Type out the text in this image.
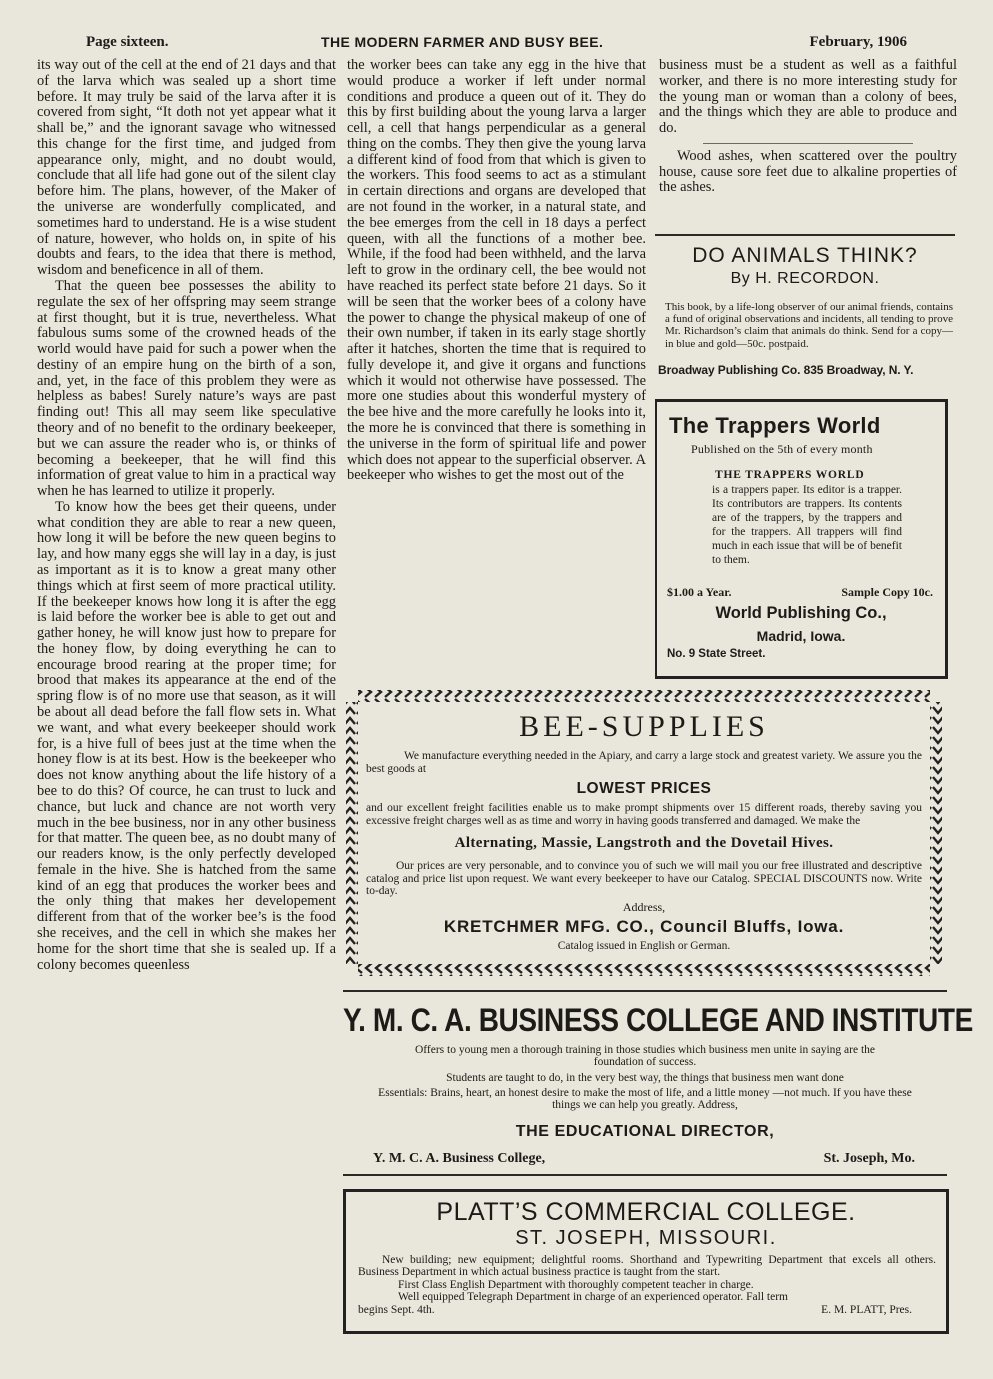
Page sixteen.	THE MODERN FARMER AND BUSY BEE.	February, 1906

its way out of the cell at the end of 21 days and that of the larva which was sealed up a short time before. It may truly be said of the larva after it is covered from sight, “It doth not yet appear what it shall be,” and the ignorant savage who witnessed this change for the first time, and judged from appearance only, might, and no doubt would, conclude that all life had gone out of the silent clay before him. The plans, however, of the Maker of the universe are wonderfully complicated, and sometimes hard to understand. He is a wise student of nature, however, who holds on, in spite of his doubts and fears, to the idea that there is method, wisdom and beneficence in all of them.

That the queen bee possesses the ability to regulate the sex of her offspring may seem strange at first thought, but it is true, nevertheless. What fabulous sums some of the crowned heads of the world would have paid for such a power when the destiny of an empire hung on the birth of a son, and, yet, in the face of this problem they were as helpless as babes! Surely nature’s ways are past finding out! This all may seem like speculative theory and of no benefit to the ordinary beekeeper, but we can assure the reader who is, or thinks of becoming a beekeeper, that he will find this information of great value to him in a practical way when he has learned to utilize it properly.

To know how the bees get their queens, under what condition they are able to rear a new queen, how long it will be before the new queen begins to lay, and how many eggs she will lay in a day, is just as important as it is to know a great many other things which at first seem of more practical utility. If the beekeeper knows how long it is after the egg is laid before the worker bee is able to get out and gather honey, he will know just how to prepare for the honey flow, by doing everything he can to encourage brood rearing at the proper time; for brood that makes its appearance at the end of the spring flow is of no more use that season, as it will be about all dead before the fall flow sets in. What we want, and what every beekeeper should work for, is a hive full of bees just at the time when the honey flow is at its best. How is the beekeeper who does not know anything about the life history of a bee to do this? Of cource, he can trust to luck and chance, but luck and chance are not worth very much in the bee business, nor in any other business for that matter. The queen bee, as no doubt many of our readers know, is the only perfectly developed female in the hive. She is hatched from the same kind of an egg that produces the worker bees and the only thing that makes her developement different from that of the worker bee’s is the food she receives, and the cell in which she makes her home for the short time that she is sealed up. If a colony becomes queenless

the worker bees can take any egg in the hive that would produce a worker if left under normal conditions and produce a queen out of it. They do this by first building about the young larva a larger cell, a cell that hangs perpendicular as a general thing on the combs. They then give the young larva a different kind of food from that which is given to the workers. This food seems to act as a stimulant in certain directions and organs are developed that are not found in the worker, in a natural state, and the bee emerges from the cell in 18 days a perfect queen, with all the functions of a mother bee. While, if the food had been withheld, and the larva left to grow in the ordinary cell, the bee would not have reached its perfect state before 21 days. So it will be seen that the worker bees of a colony have the power to change the physical makeup of one of their own number, if taken in its early stage shortly after it hatches, shorten the time that is required to fully develope it, and give it organs and functions which it would not otherwise have possessed. The more one studies about this wonderful mystery of the bee hive and the more carefully he looks into it, the more he is convinced that there is something in the universe in the form of spiritual life and power which does not appear to the superficial observer. A beekeeper who wishes to get the most out of the

business must be a student as well as a faithful worker, and there is no more interesting study for the young man or woman than a colony of bees, and the things which they are able to produce and do.

Wood ashes, when scattered over the poultry house, cause sore feet due to alkaline properties of the ashes.

DO ANIMALS THINK?
By H. RECORDON.
This book, by a life-long observer of our animal friends, contains a fund of original observations and incidents, all tending to prove Mr. Richardson’s claim that animals do think. Send for a copy—in blue and gold—50c. postpaid.
Broadway Publishing Co. 835 Broadway, N. Y.
The Trappers World
Published on the 5th of every month
THE TRAPPERS WORLD
is a trappers paper. Its editor is a trapper. Its contributors are trappers. Its contents are of the trappers, by the trappers and for the trappers. All trappers will find much in each issue that will be of benefit to them.
$1.00 a Year.	Sample Copy 10c.
World Publishing Co.,
Madrid, Iowa.
No. 9 State Street.
BEE-SUPPLIES
We manufacture everything needed in the Apiary, and carry a large stock and greatest variety. We assure you the best goods at
LOWEST PRICES
and our excellent freight facilities enable us to make prompt shipments over 15 different roads, thereby saving you excessive freight charges well as as time and worry in having goods transferred and damaged. We make the
Alternating, Massie, Langstroth and the Dovetail Hives.
Our prices are very personable, and to convince you of such we will mail you our free illustrated and descriptive catalog and price list upon request. We want every beekeeper to have our Catalog. SPECIAL DISCOUNTS now. Write to-day.
Address,
KRETCHMER MFG. CO., Council Bluffs, Iowa.
Catalog issued in English or German.
Y. M. C. A. BUSINESS COLLEGE AND INSTITUTE
Offers to young men a thorough training in those studies which business men unite in saying are the foundation of success.
Students are taught to do, in the very best way, the things that business men want done
Essentials: Brains, heart, an honest desire to make the most of life, and a little money —not much. If you have these things we can help you greatly. Address,
THE EDUCATIONAL DIRECTOR,
Y. M. C. A. Business College,	St. Joseph, Mo.
PLATT’S COMMERCIAL COLLEGE.
ST. JOSEPH, MISSOURI.
New building; new equipment; delightful rooms. Shorthand and Typewriting Department that excels all others. Business Department in which actual business practice is taught from the start.
First Class English Department with thoroughly competent teacher in charge.
Well equipped Telegraph Department in charge of an experienced operator. Fall term
begins Sept. 4th.	E. M. PLATT, Pres.
